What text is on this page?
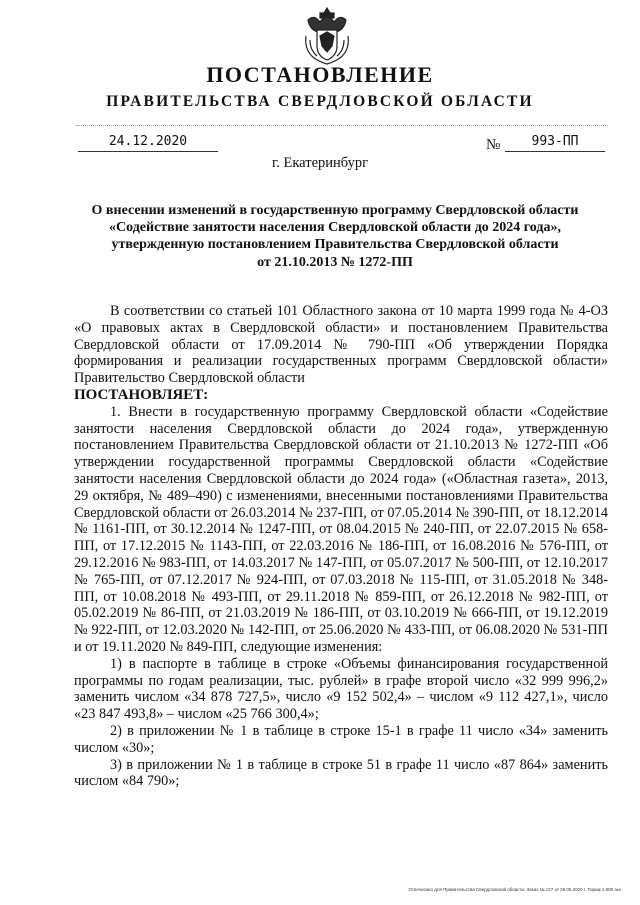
ПОСТАНОВЛЕНИЕ
ПРАВИТЕЛЬСТВА СВЕРДЛОВСКОЙ ОБЛАСТИ
24.12.2020	№	993-ПП
г. Екатеринбург
О внесении изменений в государственную программу Свердловской области
«Содействие занятости населения Свердловской области до 2024 года»,
утвержденную постановлением Правительства Свердловской области
от 21.10.2013 № 1272-ПП

В соответствии со статьей 101 Областного закона от 10 марта 1999 года № 4-ОЗ «О правовых актах в Свердловской области» и постановлением Правительства Свердловской области от 17.09.2014 № 790-ПП «Об утверждении Порядка формирования и реализации государственных программ Свердловской области» Правительство Свердловской области

ПОСТАНОВЛЯЕТ:

1. Внести в государственную программу Свердловской области «Содействие занятости населения Свердловской области до 2024 года», утвержденную постановлением Правительства Свердловской области от 21.10.2013 № 1272-ПП «Об утверждении государственной программы Свердловской области «Содействие занятости населения Свердловской области до 2024 года» («Областная газета», 2013, 29 октября, № 489–490) с изменениями, внесенными постановлениями Правительства Свердловской области от 26.03.2014 № 237-ПП, от 07.05.2014 № 390-ПП, от 18.12.2014 № 1161-ПП, от 30.12.2014 № 1247-ПП, от 08.04.2015 № 240-ПП, от 22.07.2015 № 658-ПП, от 17.12.2015 № 1143-ПП, от 22.03.2016 № 186-ПП, от 16.08.2016 № 576-ПП, от 29.12.2016 № 983-ПП, от 14.03.2017 № 147-ПП, от 05.07.2017 № 500-ПП, от 12.10.2017 № 765-ПП, от 07.12.2017 № 924-ПП, от 07.03.2018 № 115-ПП, от 31.05.2018 № 348-ПП, от 10.08.2018 № 493-ПП, от 29.11.2018 № 859-ПП, от 26.12.2018 № 982-ПП, от 05.02.2019 № 86-ПП, от 21.03.2019 № 186-ПП, от 03.10.2019 № 666-ПП, от 19.12.2019 № 922-ПП, от 12.03.2020 № 142-ПП, от 25.06.2020 № 433-ПП, от 06.08.2020 № 531-ПП и от 19.11.2020 № 849-ПП, следующие изменения:

1) в паспорте в таблице в строке «Объемы финансирования государственной программы по годам реализации, тыс. рублей» в графе второй число «32 999 996,2» заменить числом «34 878 727,5», число «9 152 502,4» – числом «9 112 427,1», число «23 847 493,8» – числом «25 766 300,4»;

2) в приложении № 1 в таблице в строке 15-1 в графе 11 число «34» заменить числом «30»;

3) в приложении № 1 в таблице в строке 51 в графе 11 число «87 864» заменить числом «84 790»;

Отпечатано для Правительства Свердловской области. Заказ № 127 от 29.05.2020 г. Тираж 1 500 экз.
